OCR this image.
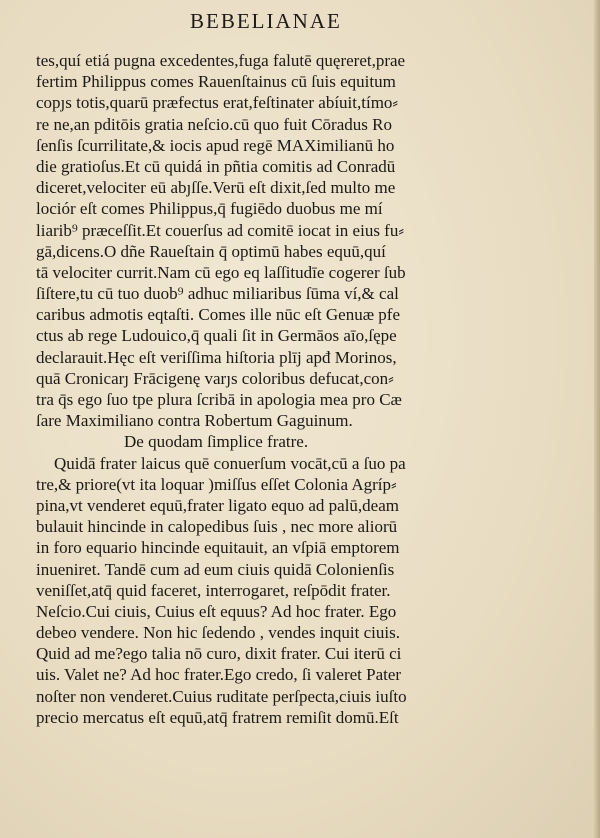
BEBELIANAE
tes,quí etiá pugna excedentes,fuga falutē quęreret,prae
fertim Philippus comes Rauenſtainus cū ſuis equitum
copȷs totis,quarū præfectus erat,feſtinater abíuit,tímo⸗
re ne,an pditōis gratia neſcio.cū quo fuit Cōradus Ro
ſenſis ſcurrilitate,& iocis apud regē MAXimilianū ho
die gratioſus.Et cū quidá in pñtia comitis ad Conradū
diceret,velociter eū abȷſſe.Verū eſt dixit,ſed multo me
lociór eſt comes Philippus,q̄ fugiēdo duobus me mí
liarib⁹ præceſſit.Et couerſus ad comitē iocat in eius fu⸗
gā,dicens.O dñe Raueſtain q̄ optimū habes equū,quí
tā velociter currit.Nam cū ego eq laſſitudīe cogerer ſub
ſiſtere,tu cū tuo duob⁹ adhuc miliaribus ſūma ví,& cal
caribus admotis eqtaſti. Comes ille nūc eſt Genuæ pfe
ctus ab rege Ludouico,q̄ quali ſit in Germāos aīo,ſępe
declarauit.Hęc eſt veriſſima hiſtoria plīj apđ Morinos,
quā Cronicarȷ Frācigenę varȷs coloribus defucat,con⸗
tra q̄s ego ſuo tpe plura ſcribā in apologia mea pro Cæ
ſare Maximiliano contra Robertum Gaguinum.
De quodam ſimplice fratre.
Quidā frater laicus quē conuerſum vocāt,cū a ſuo pa
tre,& priore(vt ita loquar )miſſus eſſet Colonia Agríp⸗
pina,vt venderet equū,frater ligato equo ad palū,deam
bulauit hincinde in calopedibus ſuis , nec more aliorū
in foro equario hincinde equitauit, an vſpiā emptorem
inueniret. Tandē cum ad eum ciuis quidā Colonienſis
veniſſet,atq̄ quid faceret, interrogaret, reſpōdit frater.
Neſcio.Cui ciuis, Cuius eſt equus? Ad hoc frater. Ego
debeo vendere. Non hic ſedendo , vendes inquit ciuis.
Quid ad me?ego talia nō curo, dixit frater. Cui iterū ci
uis. Valet ne? Ad hoc frater.Ego credo, ſi valeret Pater
noſter non venderet.Cuius ruditate perſpecta,ciuis iuſto
precio mercatus eſt equū,atq̄ fratrem remiſit domū.Eſt
